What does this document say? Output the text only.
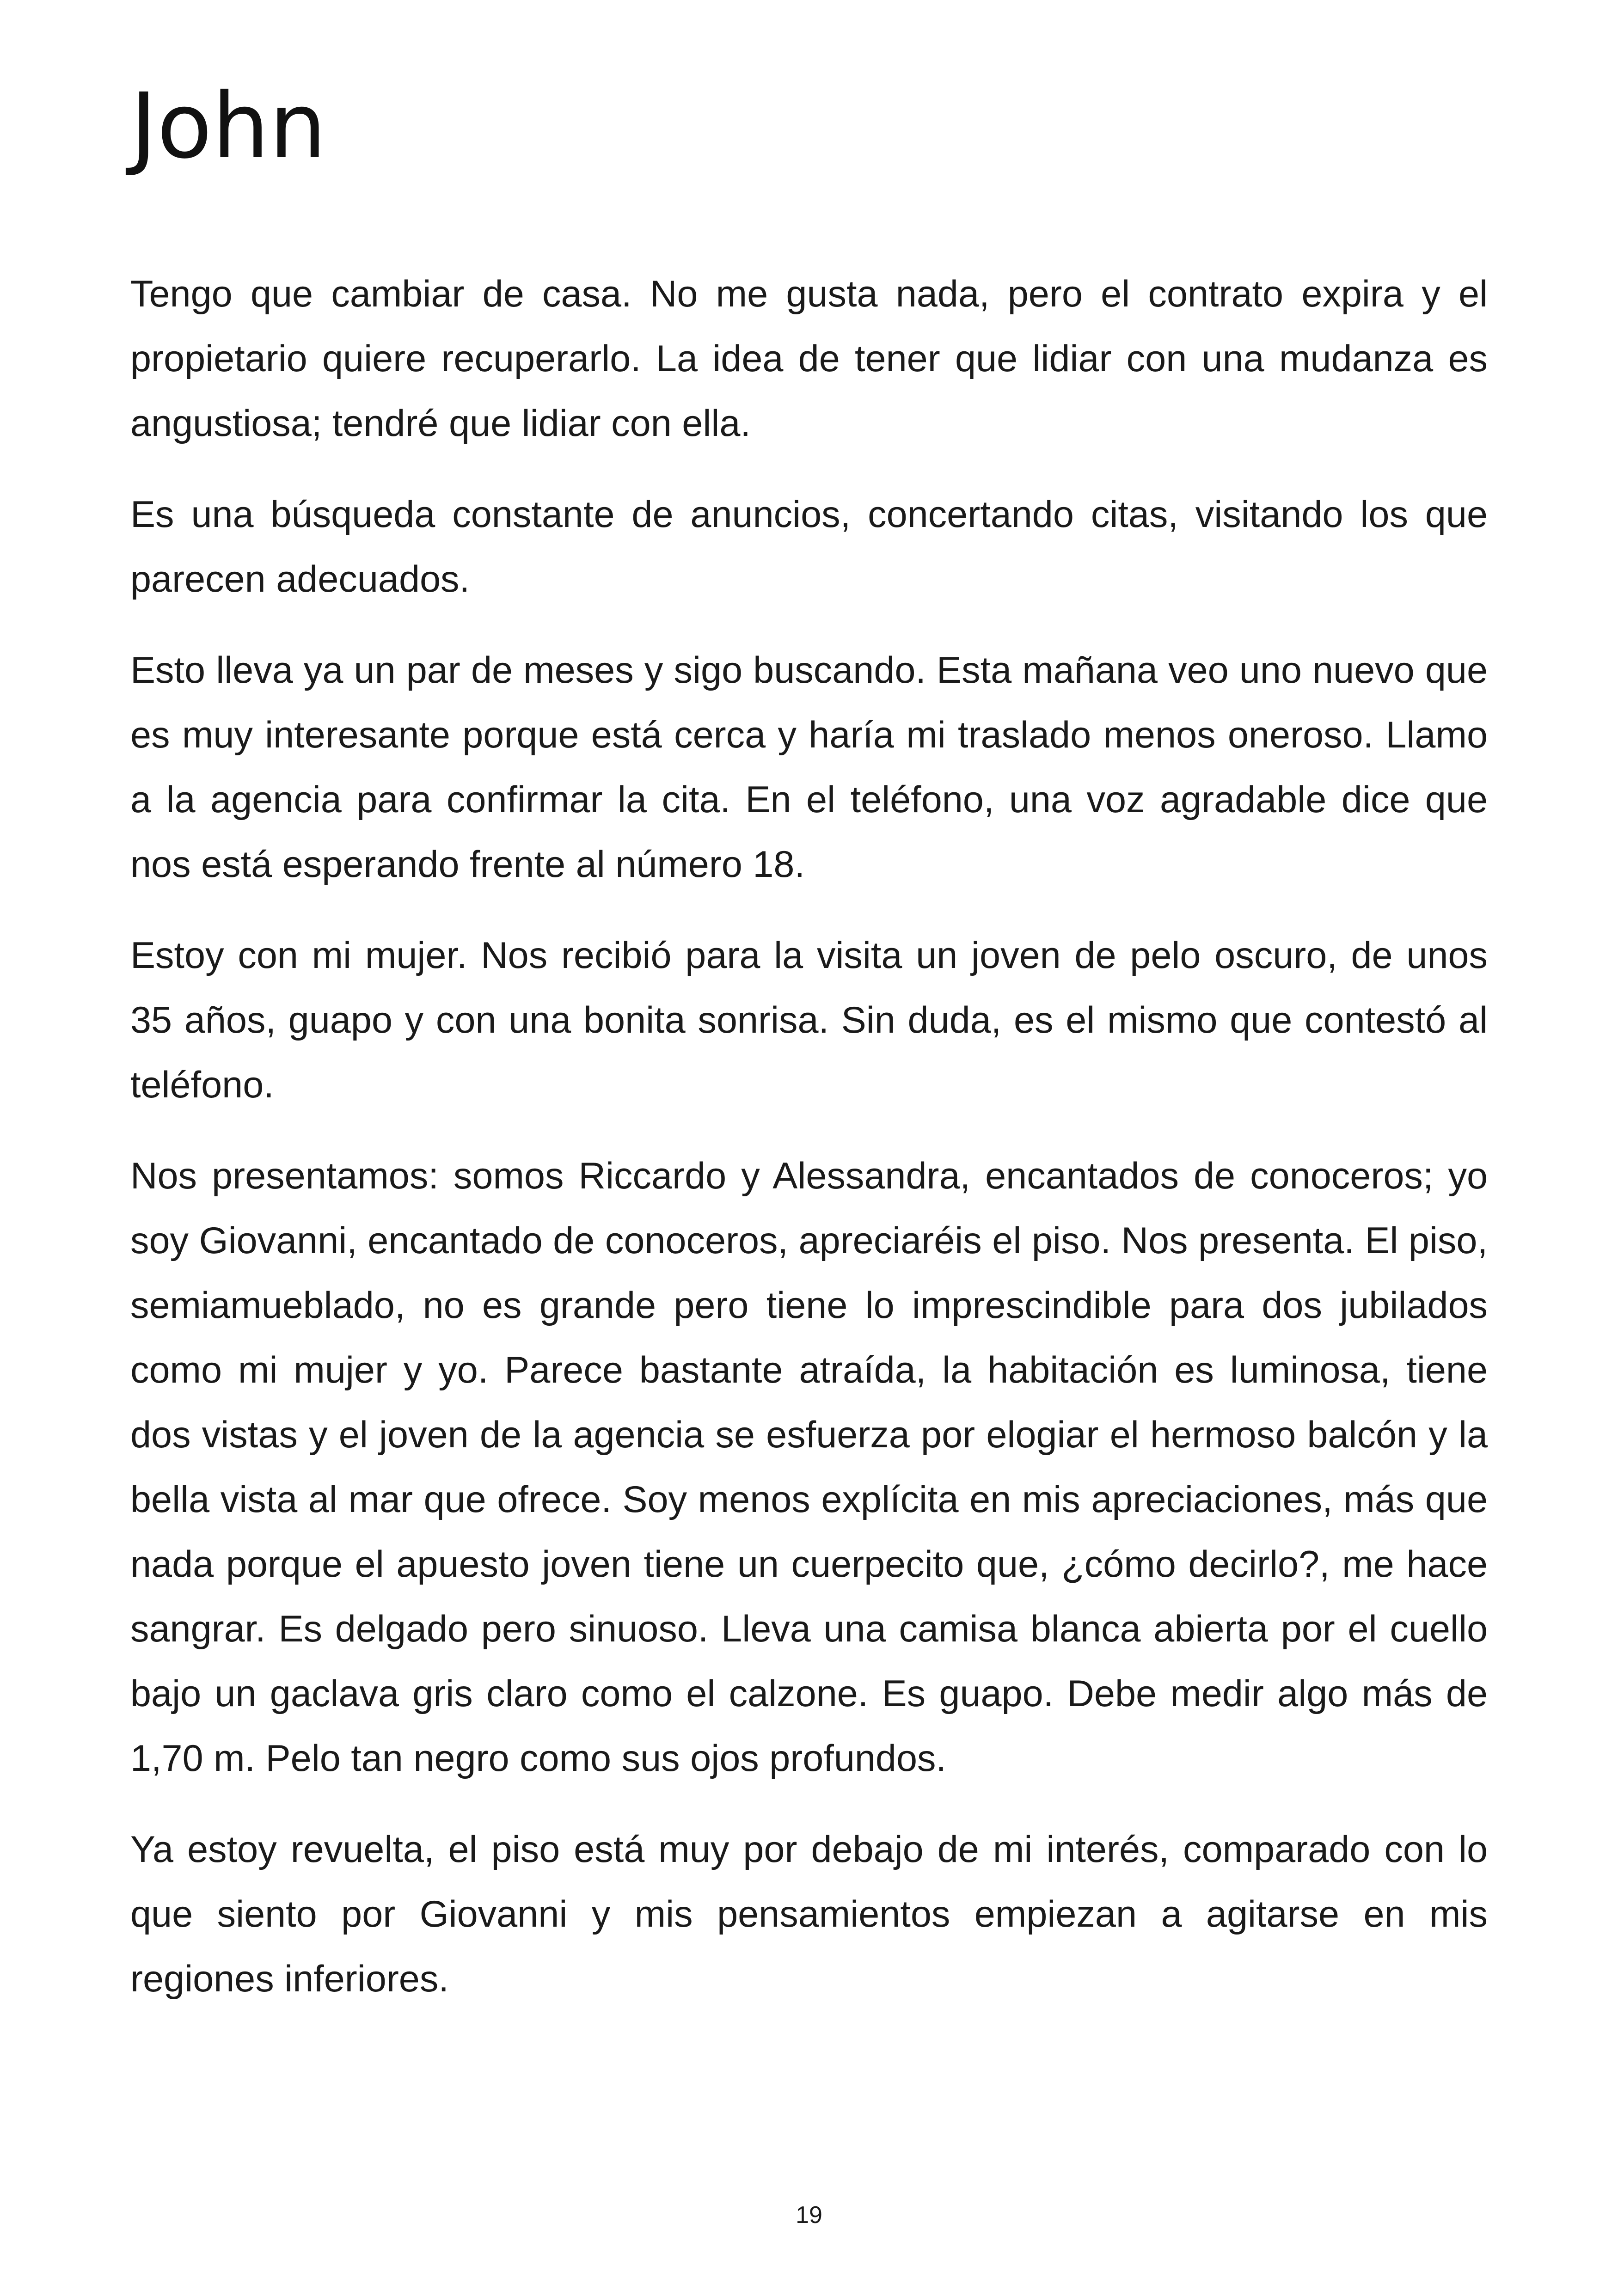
John

Tengo que cambiar de casa. No me gusta nada, pero el contrato expira y el propietario quiere recuperarlo. La idea de tener que lidiar con una mudanza es angustiosa; tendré que lidiar con ella.

Es una búsqueda constante de anuncios, concertando citas, visitando los que parecen adecuados.

Esto lleva ya un par de meses y sigo buscando. Esta mañana veo uno nuevo que es muy interesante porque está cerca y haría mi traslado menos oneroso. Llamo a la agencia para confirmar la cita. En el teléfono, una voz agradable dice que nos está esperando frente al número 18.

Estoy con mi mujer. Nos recibió para la visita un joven de pelo oscuro, de unos 35 años, guapo y con una bonita sonrisa. Sin duda, es el mismo que contestó al teléfono.

Nos presentamos: somos Riccardo y Alessandra, encantados de conoceros; yo soy Giovanni, encantado de conoceros, apreciaréis el piso. Nos presenta. El piso, semiamueblado, no es grande pero tiene lo imprescindible para dos jubilados como mi mujer y yo. Parece bastante atraída, la habitación es luminosa, tiene dos vistas y el joven de la agencia se esfuerza por elogiar el hermoso balcón y la bella vista al mar que ofrece. Soy menos explícita en mis apreciaciones, más que nada porque el apuesto joven tiene un cuerpecito que, ¿cómo decirlo?, me hace sangrar. Es delgado pero sinuoso. Lleva una camisa blanca abierta por el cuello bajo un gaclava gris claro como el calzone. Es guapo. Debe medir algo más de 1,70 m. Pelo tan negro como sus ojos profundos.

Ya estoy revuelta, el piso está muy por debajo de mi interés, comparado con lo que siento por Giovanni y mis pensamientos empiezan a agitarse en mis regiones inferiores.

19
